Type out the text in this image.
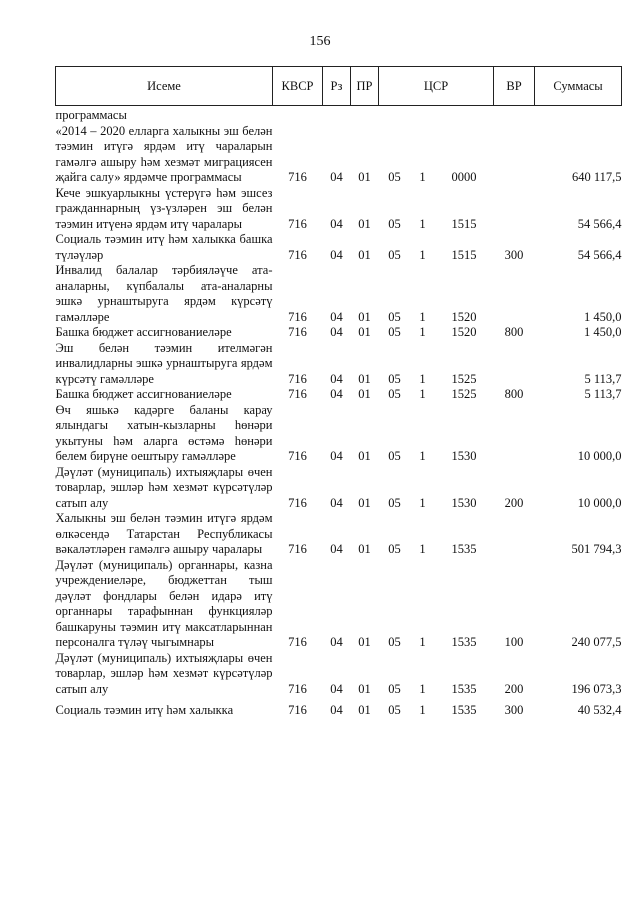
156
Исеме	КВСР	Рз	ПР	ЦСР			ВР	Суммасы
программасы								
«2014 – 2020 елларга халыкны эш белән тәэмин итүгә ярдәм итү чараларын гамәлгә ашыру һәм хезмәт миграциясен җайга салу» ярдәмче программасы	716	04	01	05	1	0000		640 117,5
Кече эшкуарлыкны үстерүгә һәм эшсез гражданнарның үз-үзләрен эш белән тәэмин итүенә ярдәм итү чаралары	716	04	01	05	1	1515		54 566,4
Социаль тәэмин итү һәм халыкка башка түләүләр	716	04	01	05	1	1515	300	54 566,4
Инвалид балалар тәрбияләүче ата-аналарны, күпбалалы ата-аналарны эшкә урнаштыруга ярдәм күрсәтү гамәлләре	716	04	01	05	1	1520		1 450,0
Башка бюджет ассигнованиеләре	716	04	01	05	1	1520	800	1 450,0
Эш белән тәэмин ителмәгән инвалидларны эшкә урнаштыруга ярдәм күрсәтү гамәлләре	716	04	01	05	1	1525		5 113,7
Башка бюджет ассигнованиеләре	716	04	01	05	1	1525	800	5 113,7
Өч яшькә кадәрге баланы карау ялындагы хатын-кызларны һөнәри укытуны һәм аларга өстәмә һөнәри белем бирүне оештыру гамәлләре	716	04	01	05	1	1530		10 000,0
Дәүләт (муниципаль) ихтыяҗлары өчен товарлар, эшләр һәм хезмәт күрсәтүләр сатып алу	716	04	01	05	1	1530	200	10 000,0
Халыкны эш белән тәэмин итүгә ярдәм өлкәсендә Татарстан Республикасы вәкаләтләрен гамәлгә ашыру чаралары	716	04	01	05	1	1535		501 794,3
Дәүләт (муниципаль) органнары, казна учреждениеләре, бюджеттан тыш дәүләт фондлары белән идарә итү органнары тарафыннан функцияләр башкаруны тәэмин итү максатларыннан персоналга түләү чыгымнары	716	04	01	05	1	1535	100	240 077,5
Дәүләт (муниципаль) ихтыяҗлары өчен товарлар, эшләр һәм хезмәт күрсәтүләр сатып алу	716	04	01	05	1	1535	200	196 073,3
Социаль тәэмин итү һәм халыкка	716	04	01	05	1	1535	300	40 532,4
